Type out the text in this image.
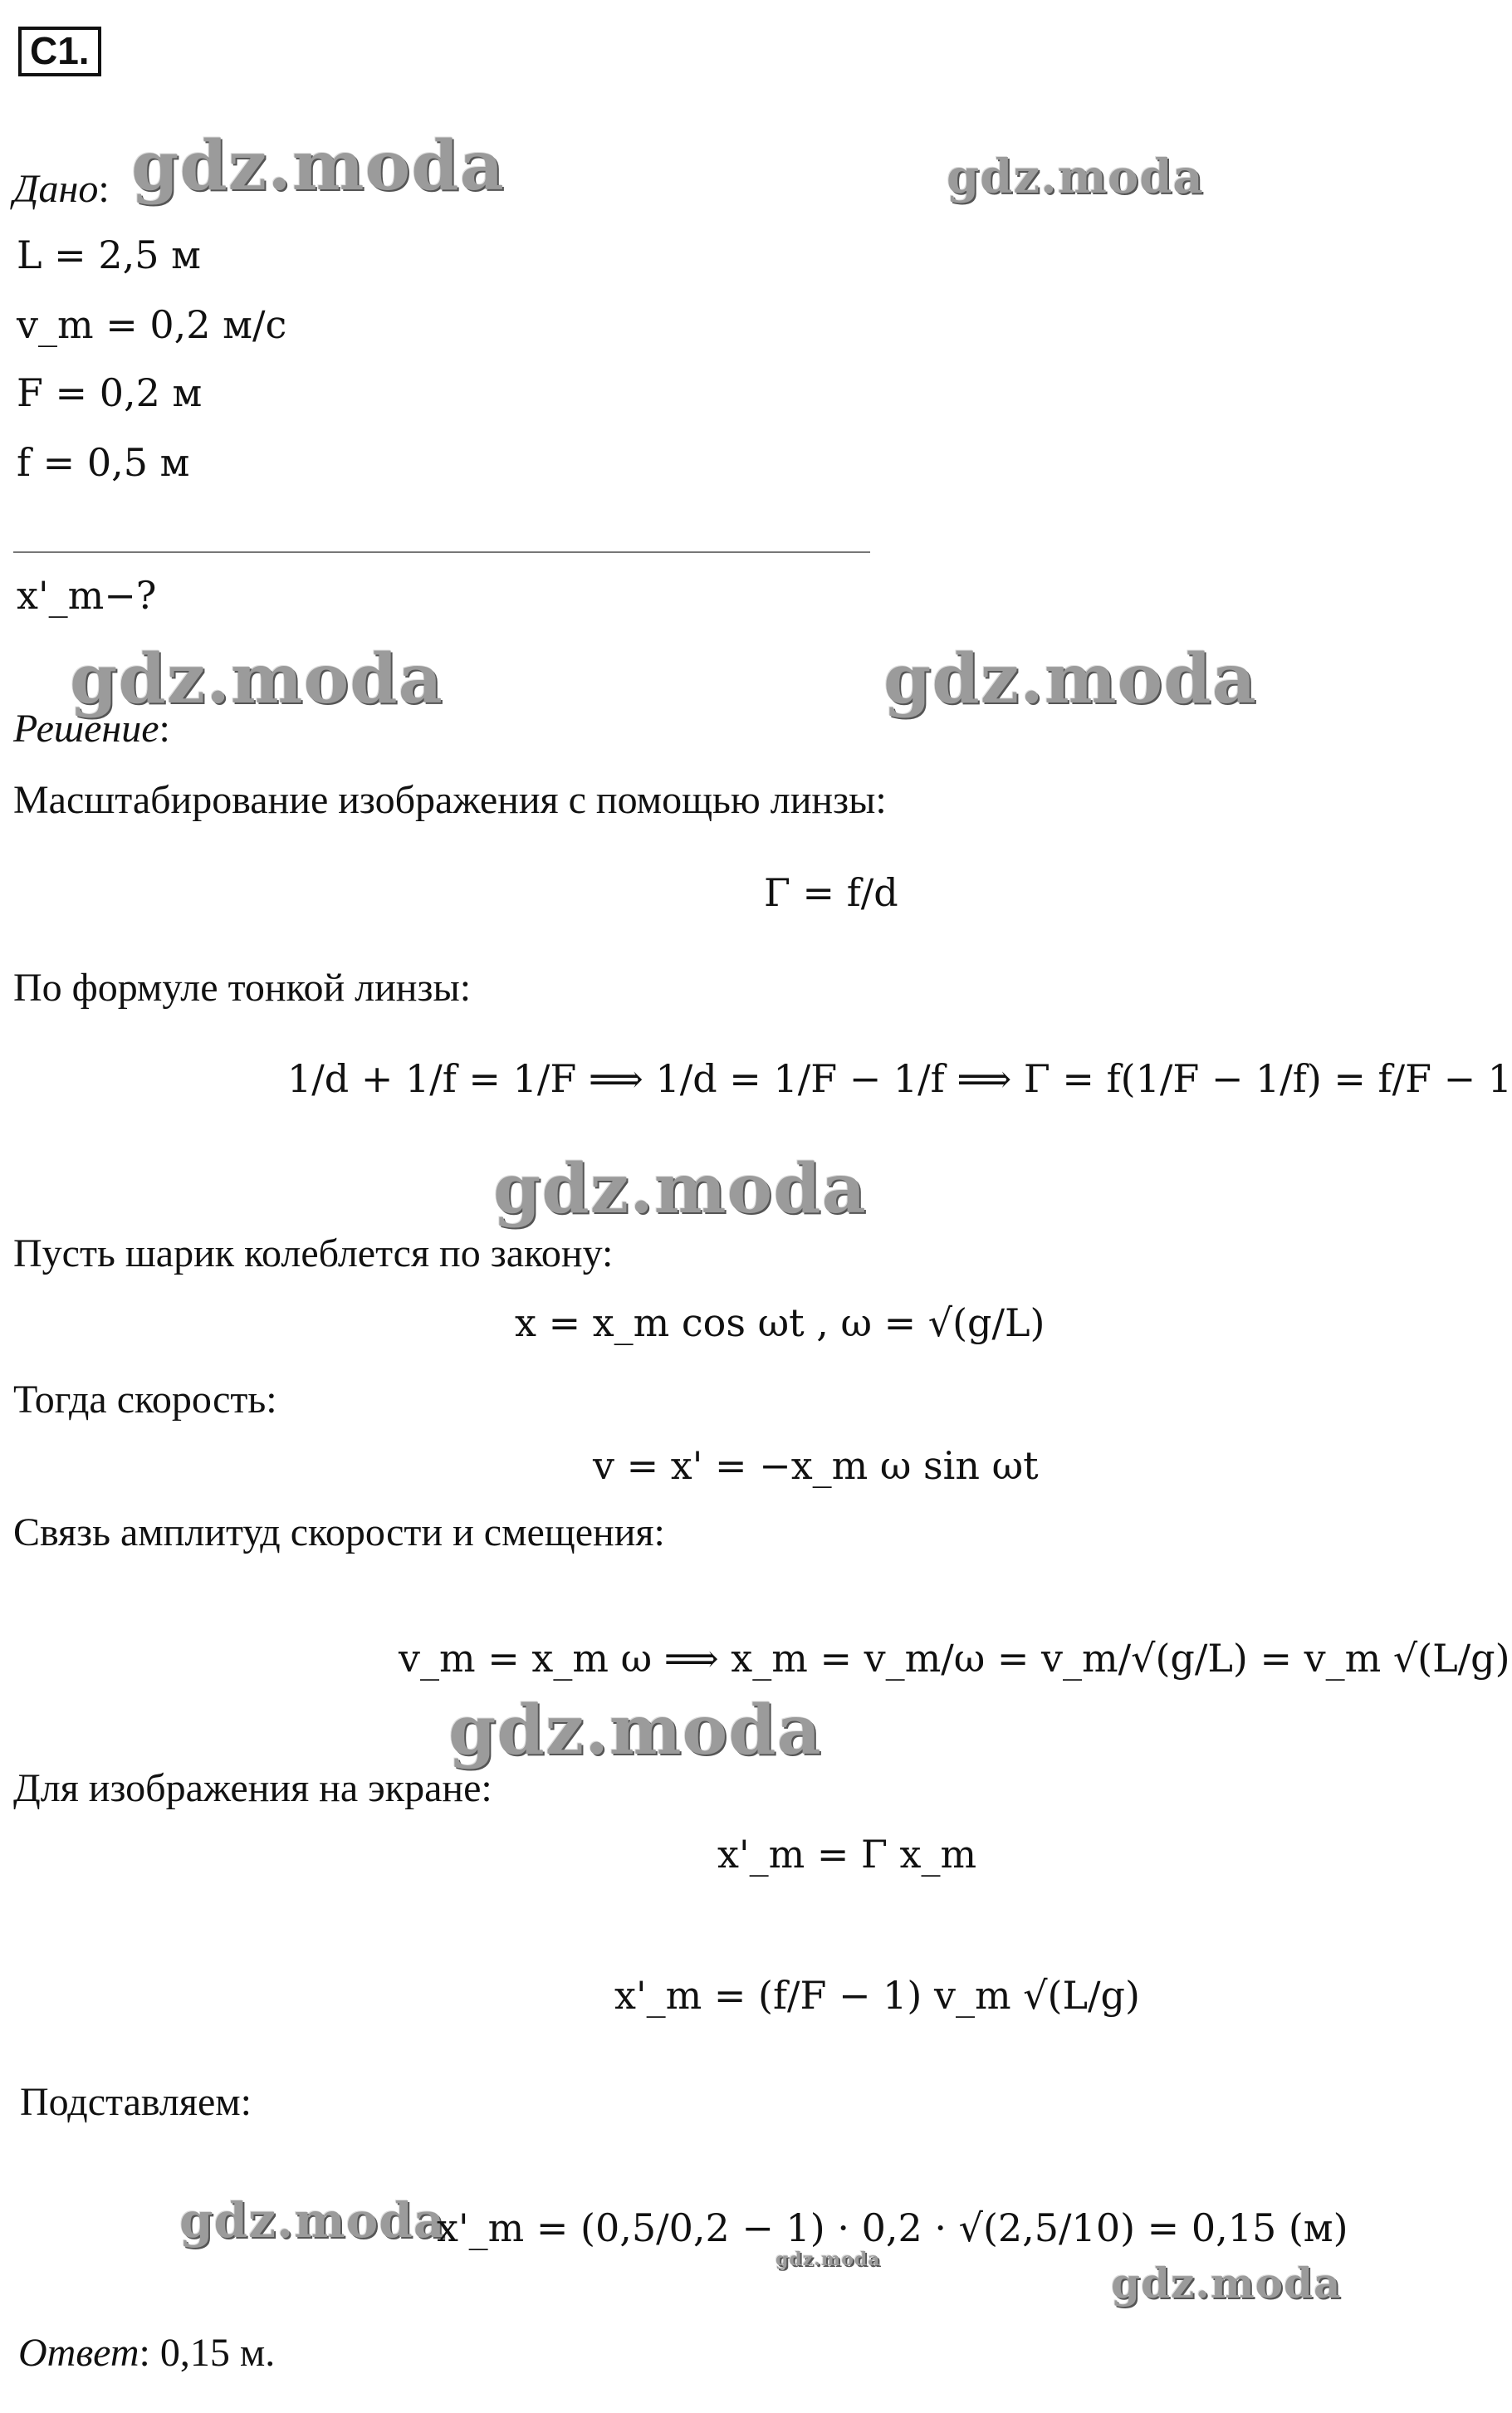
С1.
gdz.moda	gdz.moda
gdz.moda	gdz.moda
gdz.moda
gdz.moda
gdz.moda
gdz.moda	gdz.moda
Дано:
L = 2,5 м
v_m = 0,2 м/с
F = 0,2 м
f = 0,5 м
x'_m−?
Решение:
Масштабирование изображения с помощью линзы:
Γ = f/d
По формуле тонкой линзы:
1/d + 1/f = 1/F ⟹ 1/d = 1/F − 1/f ⟹ Γ = f(1/F − 1/f) = f/F − 1
Пусть шарик колеблется по закону:
x = x_m cos ωt , ω = √(g/L)
Тогда скорость:
v = x' = −x_m ω sin ωt
Связь амплитуд скорости и смещения:
v_m = x_m ω ⟹ x_m = v_m/ω = v_m/√(g/L) = v_m √(L/g)
Для изображения на экране:
x'_m = Γ x_m
x'_m = (f/F − 1) v_m √(L/g)
Подставляем:
x'_m = (0,5/0,2 − 1) · 0,2 · √(2,5/10) = 0,15 (м)
Ответ: 0,15 м.
